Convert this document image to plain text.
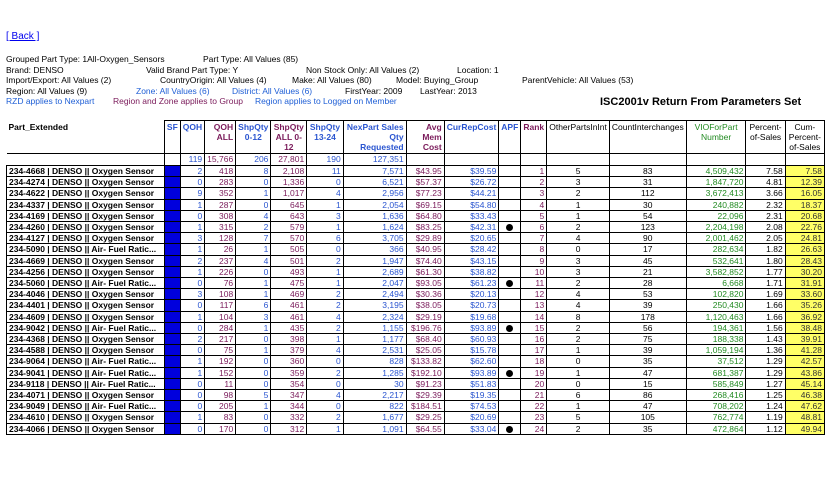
[ Back ]
Grouped Part Type: 1All-Oxygen_Sensors	Part Type: All Values (85)
Brand: DENSO	Valid Brand Part Type: Y	Non Stock Only: All Values (2)	Location: 1
Import/Export: All Values (2)	CountryOrigin: All Values (4)	Make: All Values (80)	Model: Buying_Group	ParentVehicle: All Values (53)
Region: All Values (9)	Zone: All Values (6)	District: All Values (6)	FirstYear: 2009 LastYear: 2013
RZD applies to Nexpart Region and Zone applies to Group Region applies to Logged on Member	ISC2001v Return From Parameters Set
Part_Extended	SF	QOH	QOH ALL	ShpQty 0-12	ShpQty ALL 0-12	ShpQty 13-24	NexPart Sales Qty Requested	Avg Mem Cost	CurRepCost	APF	Rank	OtherPartsInInt	CountInterchanges	VIOForPart Number	Percent-of-Sales	Cum-Percent-of-Sales
		119	15,766	206	27,801	190	127,351									
234-4668 | DENSO || Oxygen Sensor		2	418	8	2,108	11	7,571	$43.95	$39.59		1	5	83	4,509,432	7.58	7.58
234-4274 | DENSO || Oxygen Sensor		0	283	0	1,336	0	6,521	$57.37	$26.72		2	3	31	1,847,720	4.81	12.39
234-4622 | DENSO || Oxygen Sensor		9	352	1	1,017	4	2,956	$77.23	$44.21		3	2	112	3,672,413	3.66	16.05
234-4337 | DENSO || Oxygen Sensor		1	287	0	645	1	2,054	$69.15	$54.80		4	1	30	240,882	2.32	18.37
234-4169 | DENSO || Oxygen Sensor		0	308	4	643	3	1,636	$64.80	$33.43		5	1	54	22,096	2.31	20.68
234-4260 | DENSO || Oxygen Sensor		1	315	2	579	1	1,624	$83.25	$42.31		6	2	123	2,204,198	2.08	22.76
234-4127 | DENSO || Oxygen Sensor		3	128	7	570	6	3,705	$29.89	$20.65		7	4	90	2,001,462	2.05	24.81
234-5090 | DENSO || Air- Fuel Ratic...		1	26	1	505	0	366	$40.95	$28.42		8	0	17	282,634	1.82	26.63
234-4669 | DENSO || Oxygen Sensor		2	237	4	501	2	1,947	$74.40	$43.15		9	3	45	532,641	1.80	28.43
234-4256 | DENSO || Oxygen Sensor		1	226	0	493	1	2,689	$61.30	$38.82		10	3	21	3,582,852	1.77	30.20
234-5060 | DENSO || Air- Fuel Ratic...		0	76	1	475	1	2,047	$93.05	$61.23		11	2	28	6,668	1.71	31.91
234-4046 | DENSO || Oxygen Sensor		3	108	1	469	2	2,494	$30.36	$20.13		12	4	53	102,820	1.69	33.60
234-4401 | DENSO || Oxygen Sensor		0	117	6	461	2	3,195	$38.05	$20.73		13	4	39	250,430	1.66	35.26
234-4609 | DENSO || Oxygen Sensor		1	104	3	461	4	2,324	$29.19	$19.68		14	8	178	1,120,463	1.66	36.92
234-9042 | DENSO || Air- Fuel Ratic...		0	284	1	435	2	1,155	$196.76	$93.89		15	2	56	194,361	1.56	38.48
234-4368 | DENSO || Oxygen Sensor		2	217	0	398	1	1,177	$68.40	$60.93		16	2	75	188,338	1.43	39.91
234-4588 | DENSO || Oxygen Sensor		0	75	1	379	4	2,531	$25.05	$15.78		17	1	39	1,059,194	1.36	41.28
234-9064 | DENSO || Air- Fuel Ratic...		1	192	0	360	0	828	$133.82	$62.60		18	0	35	37,512	1.29	42.57
234-9041 | DENSO || Air- Fuel Ratic...		1	152	0	359	2	1,285	$192.10	$93.89		19	1	47	681,387	1.29	43.86
234-9118 | DENSO || Air- Fuel Ratic...		0	11	0	354	0	30	$91.23	$51.83		20	0	15	585,849	1.27	45.14
234-4071 | DENSO || Oxygen Sensor		0	98	5	347	4	2,217	$29.39	$19.35		21	6	86	268,416	1.25	46.38
234-9049 | DENSO || Air- Fuel Ratic...		0	205	1	344	0	822	$184.51	$74.53		22	1	47	708,202	1.24	47.62
234-4610 | DENSO || Oxygen Sensor		1	83	0	332	2	1,677	$29.25	$20.69		23	5	105	762,774	1.19	48.81
234-4066 | DENSO || Oxygen Sensor		0	170	0	312	1	1,091	$64.55	$33.04		24	2	35	472,864	1.12	49.94
